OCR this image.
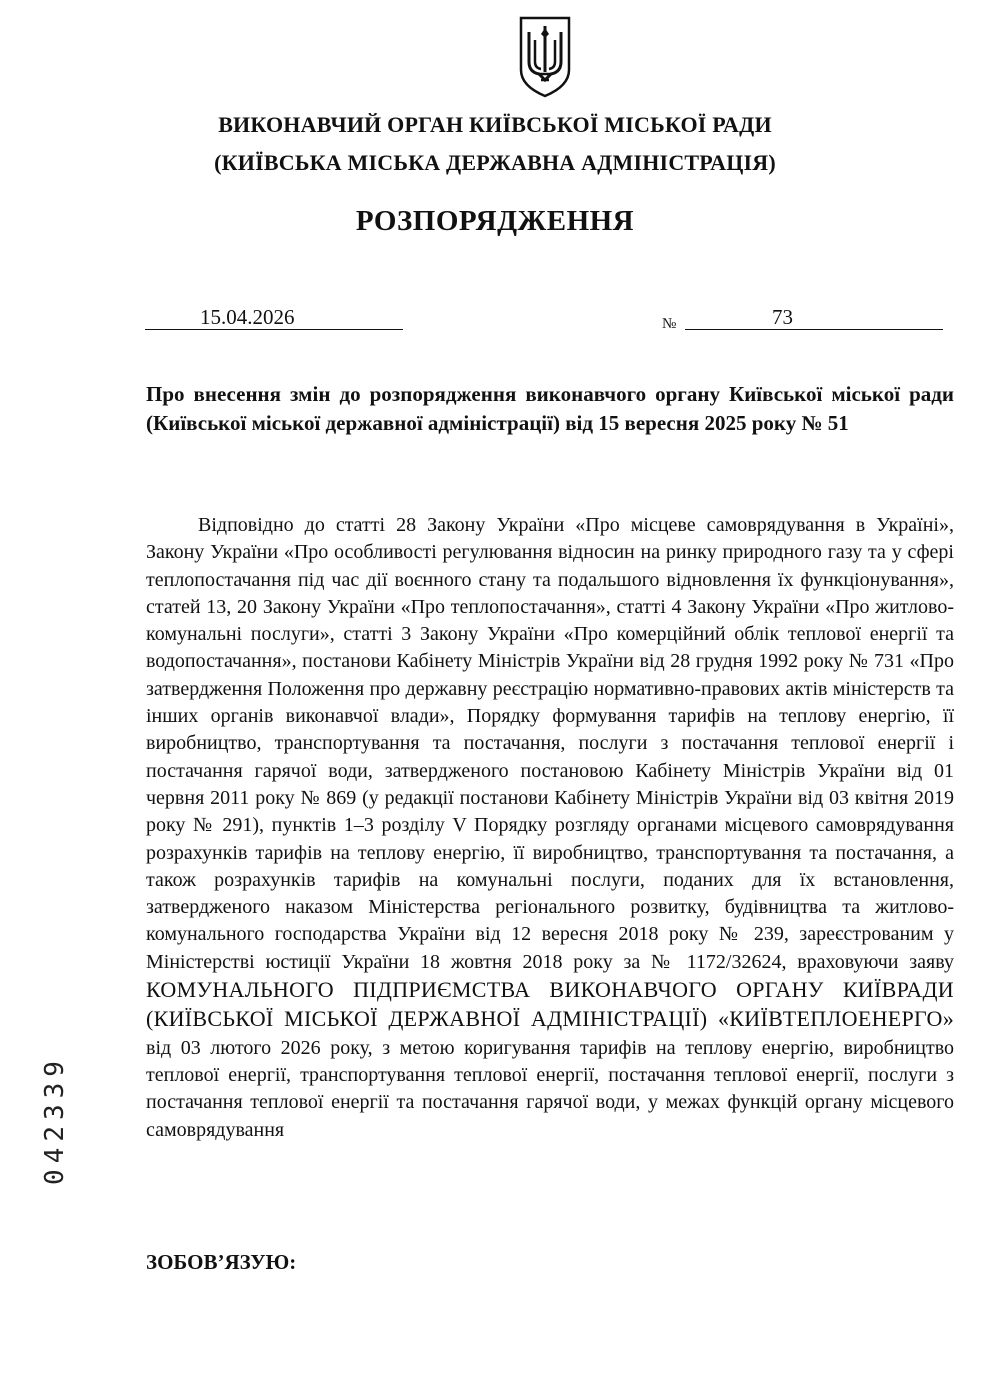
ВИКОНАВЧИЙ ОРГАН КИЇВСЬКОЇ МІСЬКОЇ РАДИ
(КИЇВСЬКА МІСЬКА ДЕРЖАВНА АДМІНІСТРАЦІЯ)
РОЗПОРЯДЖЕННЯ
15.04.2026	№	73
Про внесення змін до розпорядження виконавчого органу Київської міської ради (Київської міської державної адміністрації) від 15 вересня 2025 року № 51
Відповідно до статті 28 Закону України «Про місцеве самоврядування в Україні», Закону України «Про особливості регулювання відносин на ринку природного газу та у сфері теплопостачання під час дії воєнного стану та подальшого відновлення їх функціонування», статей 13, 20 Закону України «Про теплопостачання», статті 4 Закону України «Про житлово-комунальні послуги», статті 3 Закону України «Про комерційний облік теплової енергії та водопостачання», постанови Кабінету Міністрів України від 28 грудня 1992 року № 731 «Про затвердження Положення про державну реєстрацію нормативно-правових актів міністерств та інших органів виконавчої влади», Порядку формування тарифів на теплову енергію, її виробництво, транспортування та постачання, послуги з постачання теплової енергії і постачання гарячої води, затвердженого постановою Кабінету Міністрів України від 01 червня 2011 року № 869 (у редакції постанови Кабінету Міністрів України від 03 квітня 2019 року № 291), пунктів 1–3 розділу V Порядку розгляду органами місцевого самоврядування розрахунків тарифів на теплову енергію, її виробництво, транспортування та постачання, а також розрахунків тарифів на комунальні послуги, поданих для їх встановлення, затвердженого наказом Міністерства регіонального розвитку, будівництва та житлово-комунального господарства України від 12 вересня 2018 року № 239, зареєстрованим у Міністерстві юстиції України 18 жовтня 2018 року за № 1172/32624, враховуючи заяву КОМУНАЛЬНОГО ПІДПРИЄМСТВА ВИКОНАВЧОГО ОРГАНУ КИЇВРАДИ (КИЇВСЬКОЇ МІСЬКОЇ ДЕРЖАВНОЇ АДМІНІСТРАЦІЇ) «КИЇВТЕПЛОЕНЕРГО» від 03 лютого 2026 року, з метою коригування тарифів на теплову енергію, виробництво теплової енергії, транспортування теплової енергії, постачання теплової енергії, послуги з постачання теплової енергії та постачання гарячої води, у межах функцій органу місцевого самоврядування
ЗОБОВ’ЯЗУЮ:
042339
